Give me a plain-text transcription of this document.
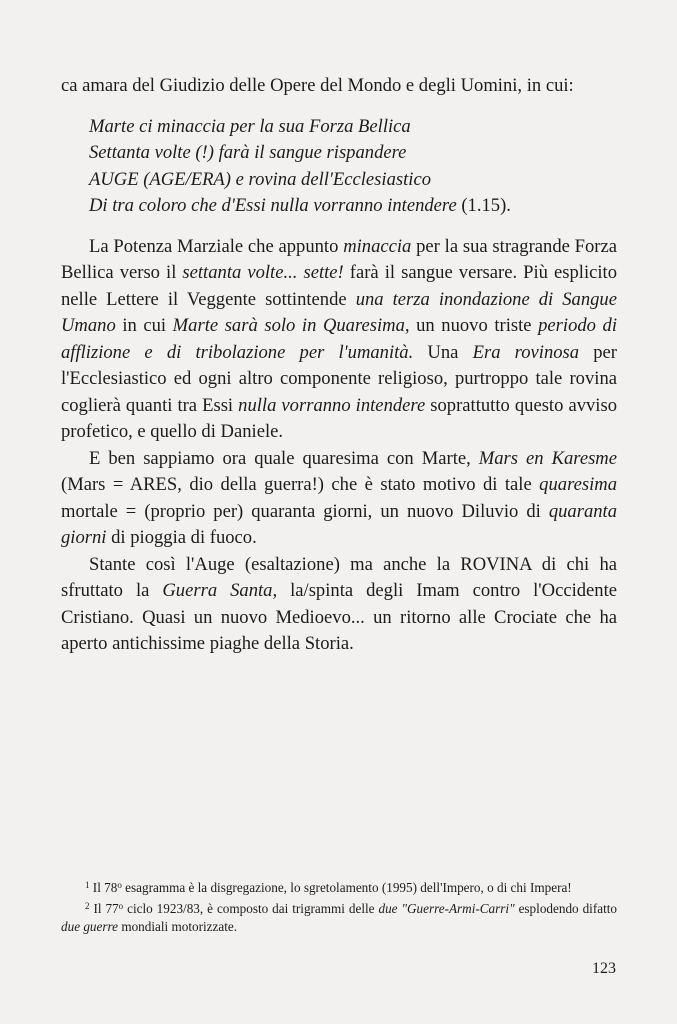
ca amara del Giudizio delle Opere del Mondo e degli Uomini, in cui:

Marte ci minaccia per la sua Forza Bellica
Settanta volte (!) farà il sangue rispandere
AUGE (AGE/ERA) e rovina dell'Ecclesiastico
Di tra coloro che d'Essi nulla vorranno intendere (1.15).

La Potenza Marziale che appunto minaccia per la sua stragrande Forza Bellica verso il settanta volte... sette! farà il sangue versare. Più esplicito nelle Lettere il Veggente sottintende una terza inondazione di Sangue Umano in cui Marte sarà solo in Quaresima, un nuovo triste periodo di afflizione e di tribolazione per l'umanità. Una Era rovinosa per l'Ecclesiastico ed ogni altro componente religioso, purtroppo tale rovina coglierà quanti tra Essi nulla vorranno intendere soprattutto questo avviso profetico, e quello di Daniele.

E ben sappiamo ora quale quaresima con Marte, Mars en Karesme (Mars = ARES, dio della guerra!) che è stato motivo di tale quaresima mortale = (proprio per) quaranta giorni, un nuovo Diluvio di quaranta giorni di pioggia di fuoco.

Stante così l'Auge (esaltazione) ma anche la ROVINA di chi ha sfruttato la Guerra Santa, la/spinta degli Imam contro l'Occidente Cristiano. Quasi un nuovo Medioevo... un ritorno alle Crociate che ha aperto antichissime piaghe della Storia.

$^1$ Il 78$^o$ esagramma è la disgregazione, lo sgretolamento (1995) dell'Impero, o di chi Impera!

$^2$ Il 77$^o$ ciclo 1923/83, è composto dai trigrammi delle due "Guerre-Armi-Carri" esplodendo difatto due guerre mondiali motorizzate.

123
